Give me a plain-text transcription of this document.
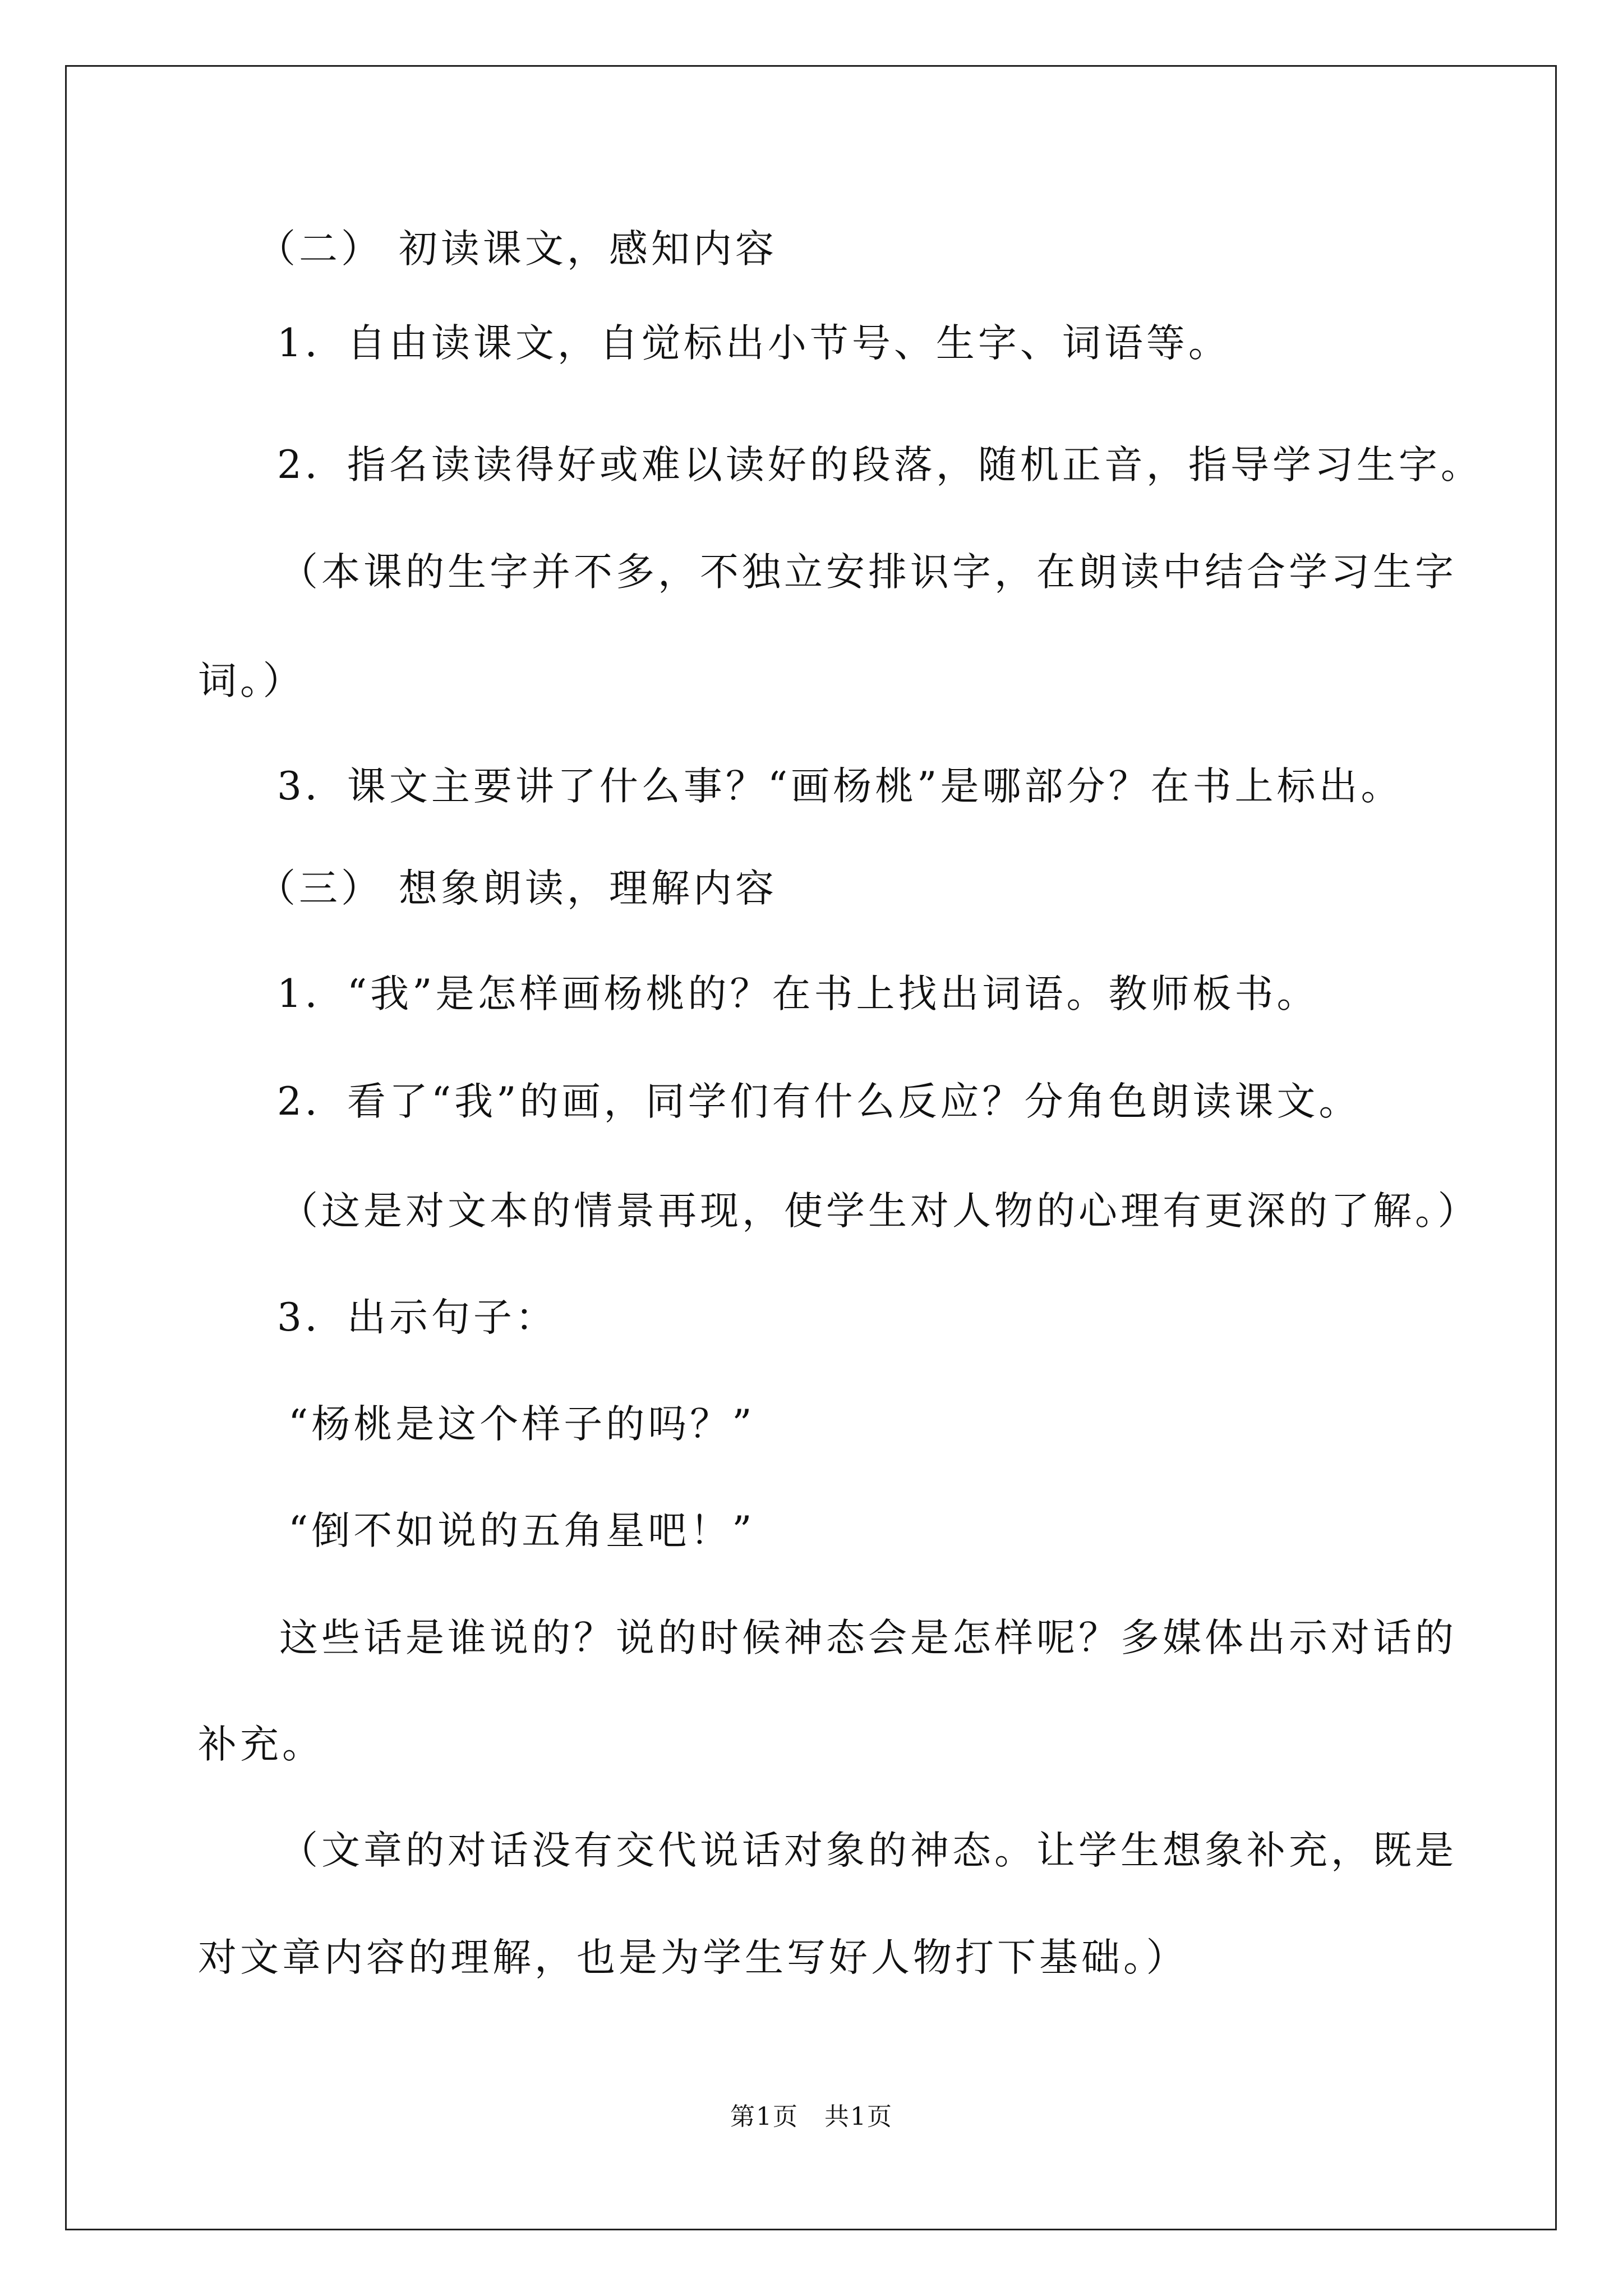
（二） 初读课文，感知内容
1．自由读课文，自觉标出小节号、生字、词语等。
2．指名读读得好或难以读好的段落，随机正音，指导学习生字。
（本课的生字并不多，不独立安排识字，在朗读中结合学习生字
词。）
3．课文主要讲了什么事？“画杨桃”是哪部分？在书上标出。
（三） 想象朗读，理解内容
1．“我”是怎样画杨桃的？在书上找出词语。教师板书。
2．看了“我”的画，同学们有什么反应？分角色朗读课文。
（这是对文本的情景再现，使学生对人物的心理有更深的了解。）
3．出示句子：
“杨桃是这个样子的吗？”
“倒不如说的五角星吧！”
这些话是谁说的？说的时候神态会是怎样呢？多媒体出示对话的
补充。
（文章的对话没有交代说话对象的神态。让学生想象补充，既是
对文章内容的理解，也是为学生写好人物打下基础。）
第1页　共1页
